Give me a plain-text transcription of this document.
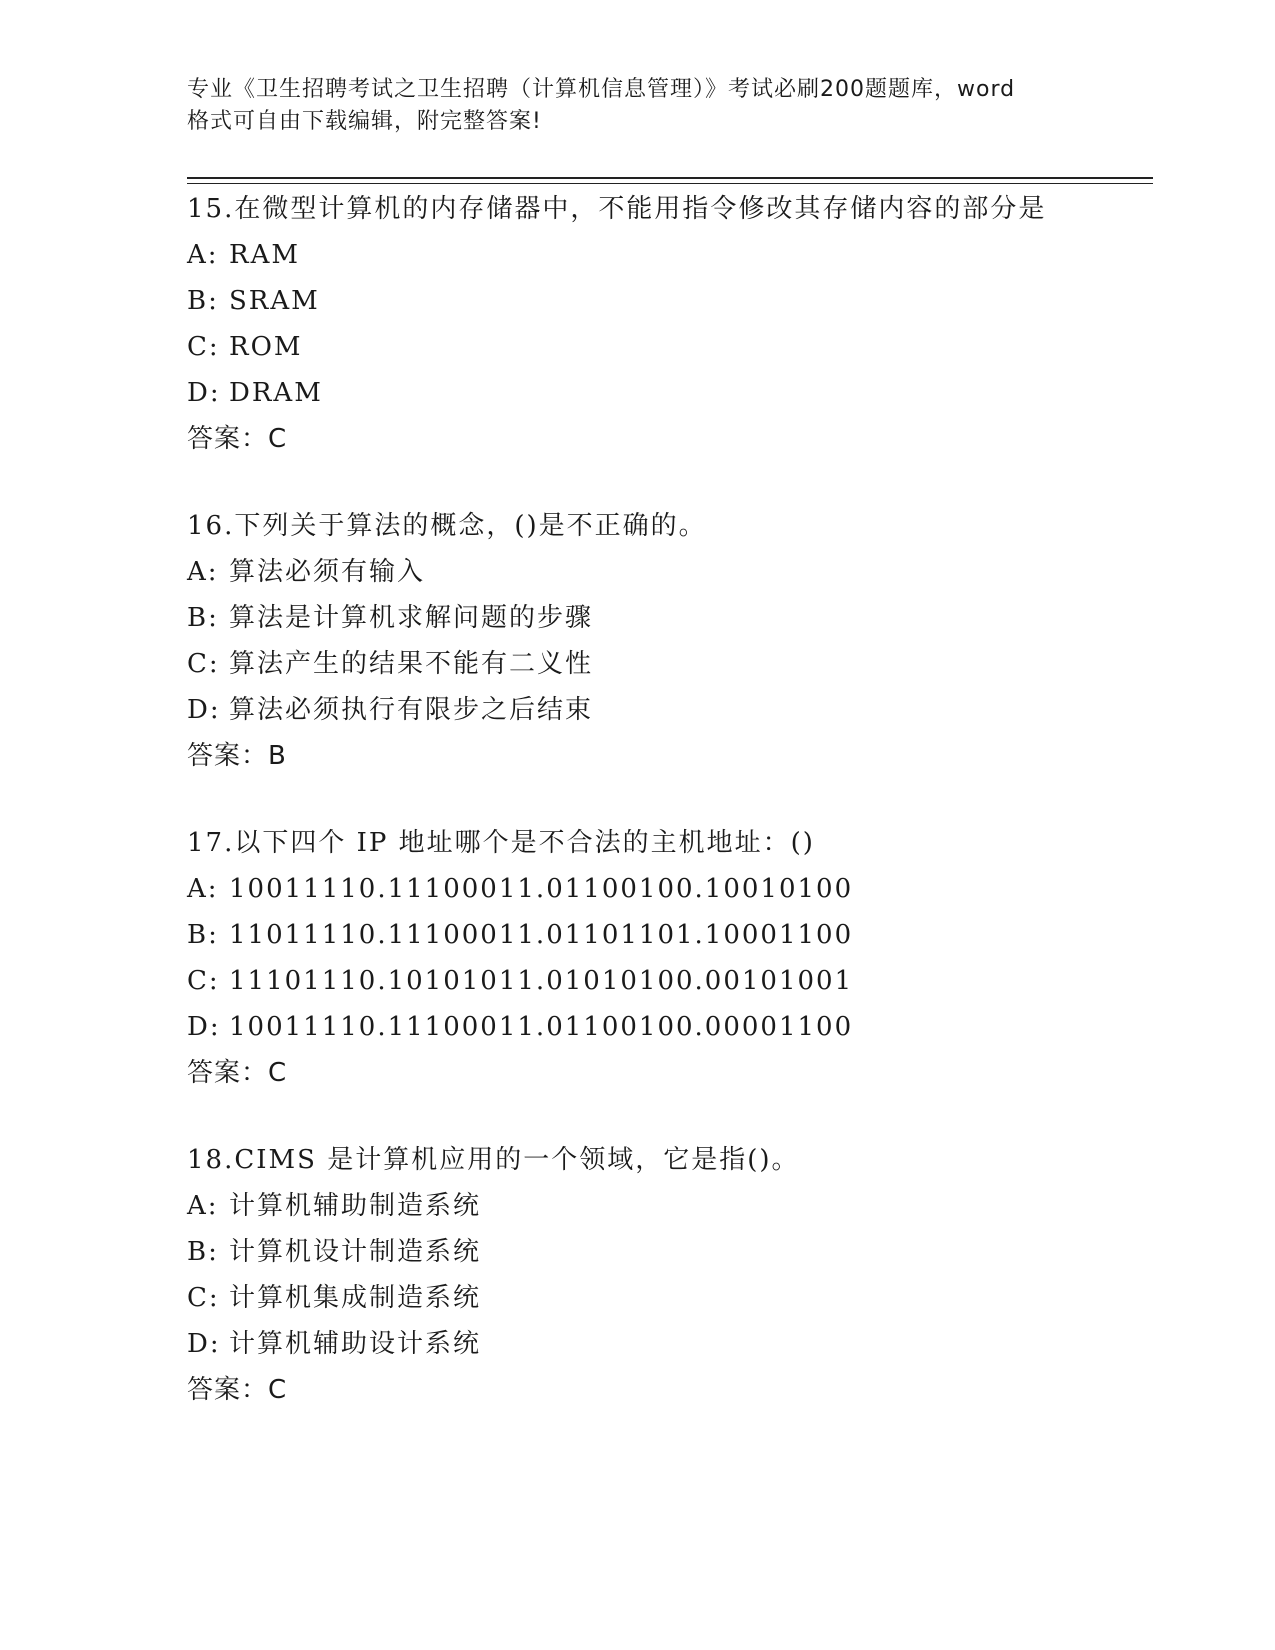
专业《卫生招聘考试之卫生招聘（计算机信息管理）》考试必刷200题题库，word
格式可自由下载编辑，附完整答案!
15.在微型计算机的内存储器中，不能用指令修改其存储内容的部分是
A: RAM
B: SRAM
C: ROM
D: DRAM
答案：C
16.下列关于算法的概念，()是不正确的。
A: 算法必须有输入
B: 算法是计算机求解问题的步骤
C: 算法产生的结果不能有二义性
D: 算法必须执行有限步之后结束
答案：B
17.以下四个 IP 地址哪个是不合法的主机地址：()
A: 10011110.11100011.01100100.10010100
B: 11011110.11100011.01101101.10001100
C: 11101110.10101011.01010100.00101001
D: 10011110.11100011.01100100.00001100
答案：C
18.CIMS 是计算机应用的一个领域，它是指()。
A: 计算机辅助制造系统
B: 计算机设计制造系统
C: 计算机集成制造系统
D: 计算机辅助设计系统
答案：C
